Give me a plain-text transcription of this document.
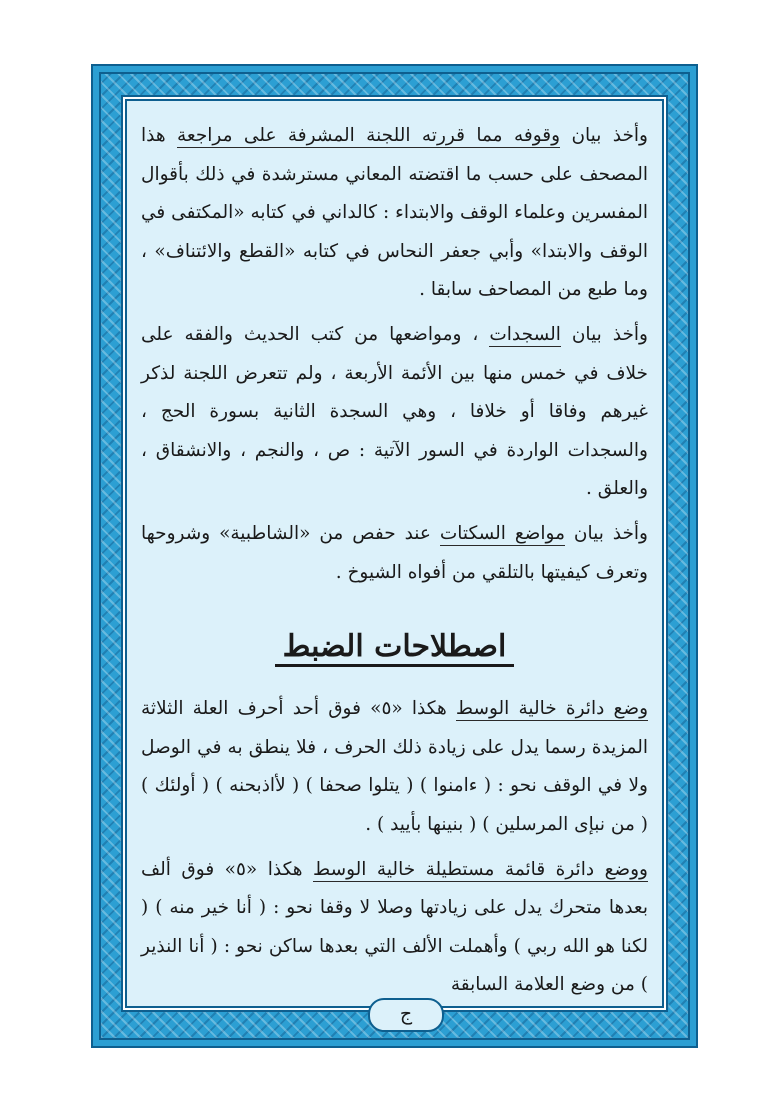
وأخذ بيان وقوفه مما قررته اللجنة المشرفة على مراجعة هذا المصحف على حسب ما اقتضته المعاني مسترشدة في ذلك بأقوال المفسرين وعلماء الوقف والابتداء : كالداني في كتابه «المكتفى في الوقف والابتدا» وأبي جعفر النحاس في كتابه «القطع والائتناف» ، وما طبع من المصاحف سابقا .

وأخذ بيان السجدات ، ومواضعها من كتب الحديث والفقه على خلاف في خمس منها بين الأئمة الأربعة ، ولم تتعرض اللجنة لذكر غيرهم وفاقا أو خلافا ، وهي السجدة الثانية بسورة الحج ، والسجدات الواردة في السور الآتية : ص ، والنجم ، والانشقاق ، والعلق .

وأخذ بيان مواضع السكتات عند حفص من «الشاطبية» وشروحها وتعرف كيفيتها بالتلقي من أفواه الشيوخ .

اصطلاحات الضبط

وضع دائرة خالية الوسط هكذا «٥» فوق أحد أحرف العلة الثلاثة المزيدة رسما يدل على زيادة ذلك الحرف ، فلا ينطق به في الوصل ولا في الوقف نحو : ( ءامنوا ) ( يتلوا صحفا ) ( لأاذبحنه ) ( أولئك ) ( من نبإى المرسلين ) ( بنينها بأييد ) .

ووضع دائرة قائمة مستطيلة خالية الوسط هكذا «٥» فوق ألف بعدها متحرك يدل على زيادتها وصلا لا وقفا نحو : ( أنا خير منه ) ( لكنا هو الله ربي ) وأهملت الألف التي بعدها ساكن نحو : ( أنا النذير ) من وضع العلامة السابقة

ج
